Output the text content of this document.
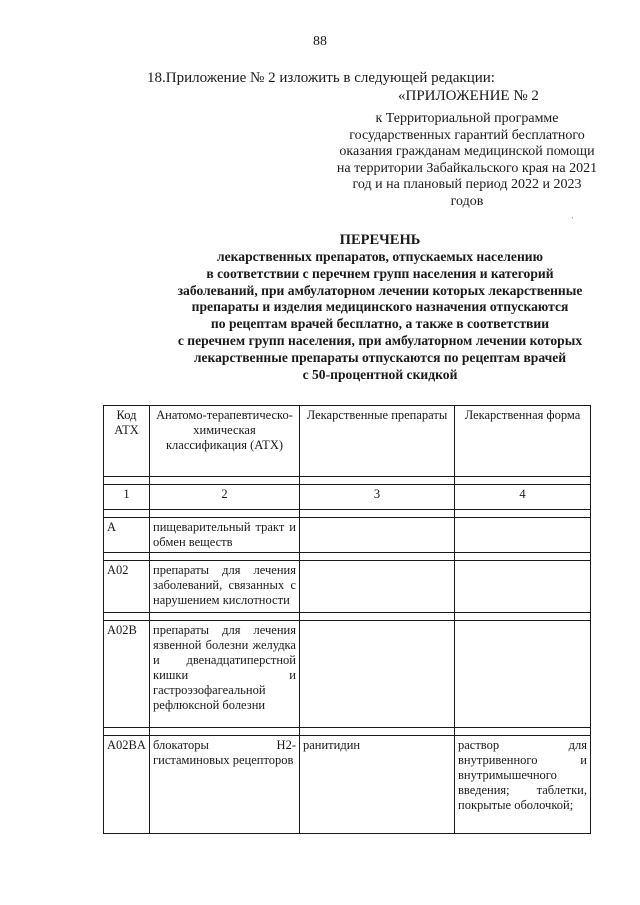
88
18.Приложение № 2 изложить в следующей редакции:
«ПРИЛОЖЕНИЕ № 2
к Территориальной программе
государственных гарантий бесплатного
оказания гражданам медицинской помощи
на территории Забайкальского края на 2021
год и на плановый период 2022 и 2023
годов
ˈ
ПЕРЕЧЕНЬ
лекарственных препаратов, отпускаемых населению
в соответствии с перечнем групп населения и категорий
заболеваний, при амбулаторном лечении которых лекарственные
препараты и изделия медицинского назначения отпускаются
по рецептам врачей бесплатно, а также в соответствии
с перечнем групп населения, при амбулаторном лечении которых
лекарственные препараты отпускаются по рецептам врачей
с 50-процентной скидкой
Код АТХ	Анатомо-терапевтическо-химическая классификация (АТХ)	Лекарственные препараты	Лекарственная форма

1	2	3	4

A	пищеварительный тракт и обмен веществ		

A02	препараты для лечения заболеваний, связанных с нарушением кислотности		

A02B	препараты для лечения язвенной болезни желудка и двенадцатиперстной кишки и гастроэзофагеальной рефлюксной болезни		

A02BA	блокаторы H2-гистаминовых рецепторов	ранитидин	раствор для внутривенного и внутримышечного введения; таблетки, покрытые оболочкой;
